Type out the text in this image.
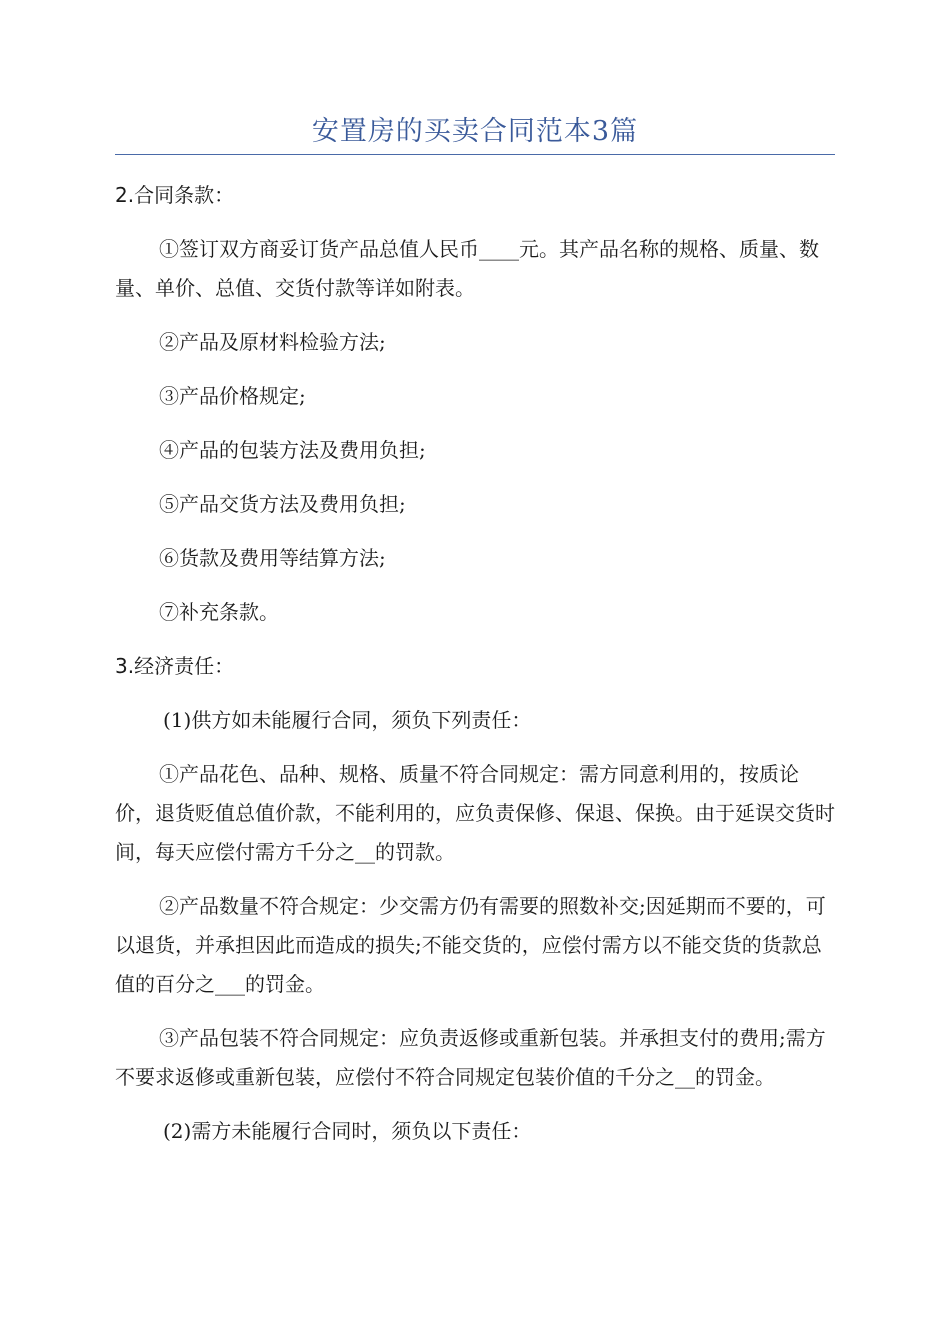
安置房的买卖合同范本3篇
2.合同条款：
①签订双方商妥订货产品总值人民币____元。其产品名称的规格、质量、数量、单价、总值、交货付款等详如附表。
②产品及原材料检验方法;
③产品价格规定;
④产品的包装方法及费用负担;
⑤产品交货方法及费用负担;
⑥货款及费用等结算方法;
⑦补充条款。
3.经济责任：
(1)供方如未能履行合同，须负下列责任：
①产品花色、品种、规格、质量不符合同规定：需方同意利用的，按质论价，退货贬值总值价款，不能利用的，应负责保修、保退、保换。由于延误交货时间，每天应偿付需方千分之__的罚款。
②产品数量不符合规定：少交需方仍有需要的照数补交;因延期而不要的，可以退货，并承担因此而造成的损失;不能交货的，应偿付需方以不能交货的货款总值的百分之___的罚金。
③产品包装不符合同规定：应负责返修或重新包装。并承担支付的费用;需方不要求返修或重新包装，应偿付不符合同规定包装价值的千分之__的罚金。
(2)需方未能履行合同时，须负以下责任：
